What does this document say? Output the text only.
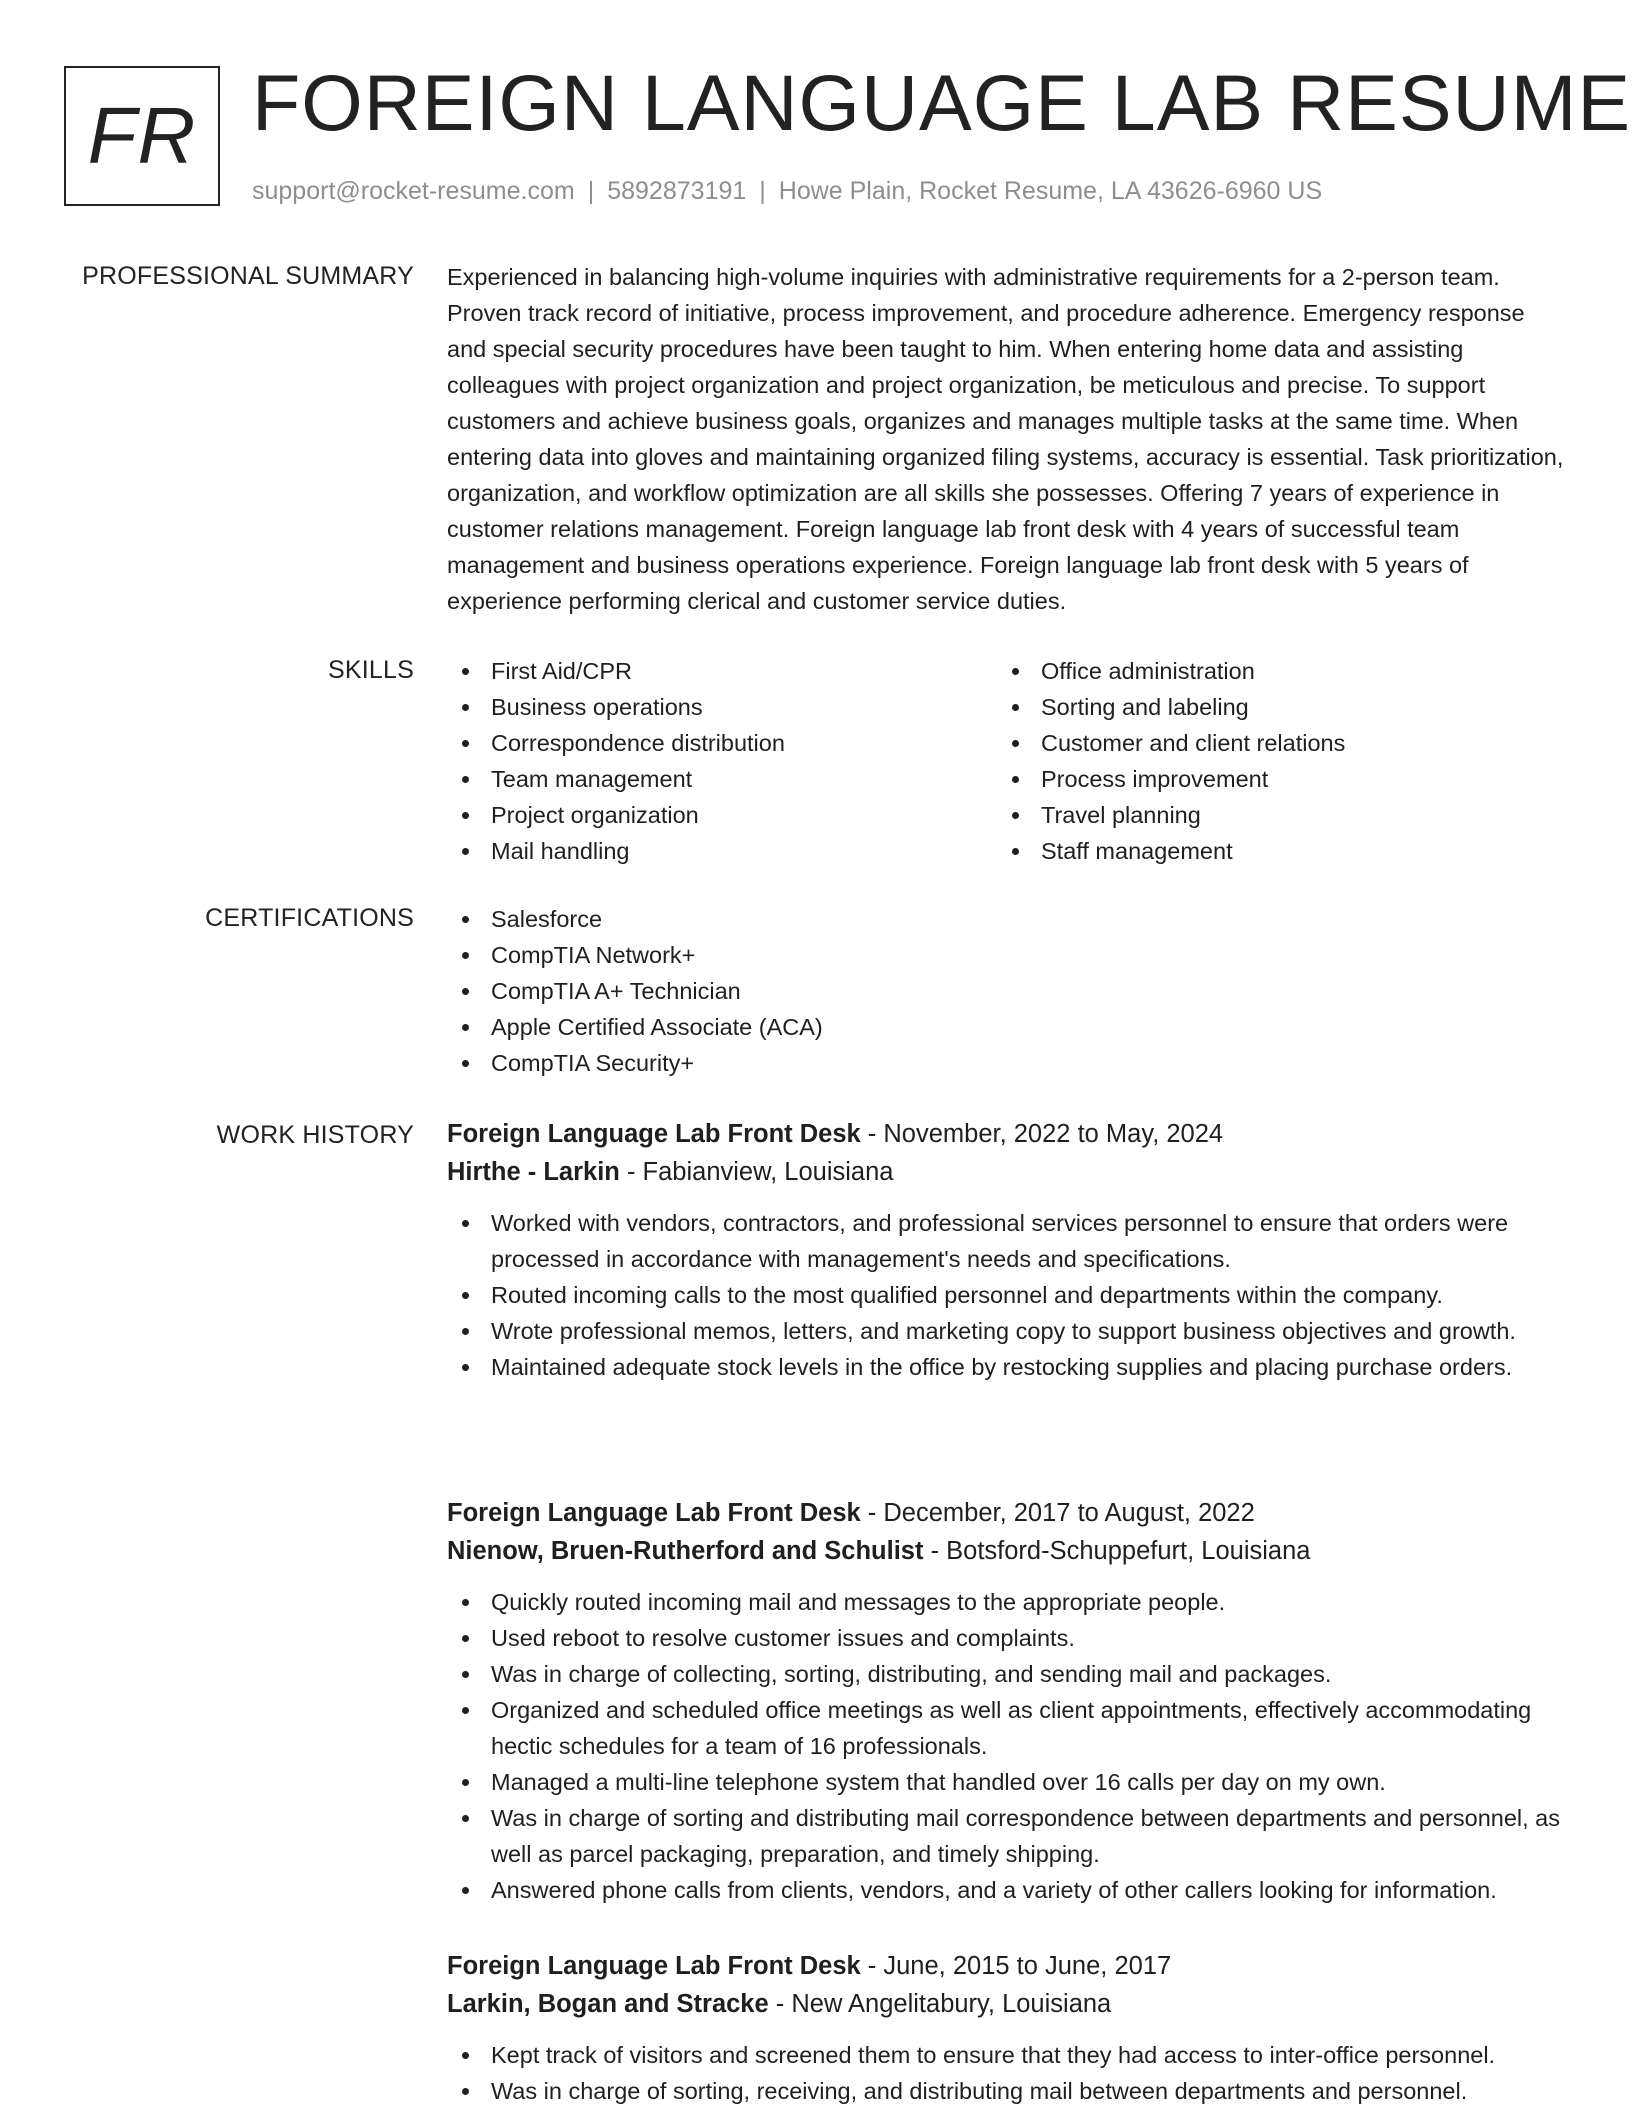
FR FOREIGN LANGUAGE LAB RESUME
support@rocket-resume.com | 5892873191 | Howe Plain, Rocket Resume, LA 43626-6960 US
PROFESSIONAL SUMMARY Experienced in balancing high-volume inquiries with administrative requirements for a 2-person team. Proven track record of initiative, process improvement, and procedure adherence. Emergency response and special security procedures have been taught to him. When entering home data and assisting colleagues with project organization and project organization, be meticulous and precise. To support customers and achieve business goals, organizes and manages multiple tasks at the same time. When entering data into gloves and maintaining organized filing systems, accuracy is essential. Task prioritization, organization, and workflow optimization are all skills she possesses. Offering 7 years of experience in customer relations management. Foreign language lab front desk with 4 years of successful team management and business operations experience. Foreign language lab front desk with 5 years of experience performing clerical and customer service duties.

SKILLS	First Aid/CPR
Business operations
Correspondence distribution
Team management
Project organization
Mail handling
Office administration
Sorting and labeling
Customer and client relations
Process improvement
Travel planning
Staff management
CERTIFICATIONS	Salesforce
CompTIA Network+
CompTIA A+ Technician
Apple Certified Associate (ACA)
CompTIA Security+
WORK HISTORY Foreign Language Lab Front Desk - November, 2022 to May, 2024
Hirthe - Larkin - Fabianview, Louisiana
Worked with vendors, contractors, and professional services personnel to ensure that orders were processed in accordance with management's needs and specifications.
Routed incoming calls to the most qualified personnel and departments within the company.
Wrote professional memos, letters, and marketing copy to support business objectives and growth.
Maintained adequate stock levels in the office by restocking supplies and placing purchase orders.
Foreign Language Lab Front Desk - December, 2017 to August, 2022
Nienow, Bruen-Rutherford and Schulist - Botsford-Schuppefurt, Louisiana
Quickly routed incoming mail and messages to the appropriate people.
Used reboot to resolve customer issues and complaints.
Was in charge of collecting, sorting, distributing, and sending mail and packages.
Organized and scheduled office meetings as well as client appointments, effectively accommodating hectic schedules for a team of 16 professionals.
Managed a multi-line telephone system that handled over 16 calls per day on my own.
Was in charge of sorting and distributing mail correspondence between departments and personnel, as well as parcel packaging, preparation, and timely shipping.
Answered phone calls from clients, vendors, and a variety of other callers looking for information.
Foreign Language Lab Front Desk - June, 2015 to June, 2017
Larkin, Bogan and Stracke - New Angelitabury, Louisiana
Kept track of visitors and screened them to ensure that they had access to inter-office personnel.
Was in charge of sorting, receiving, and distributing mail between departments and personnel.
